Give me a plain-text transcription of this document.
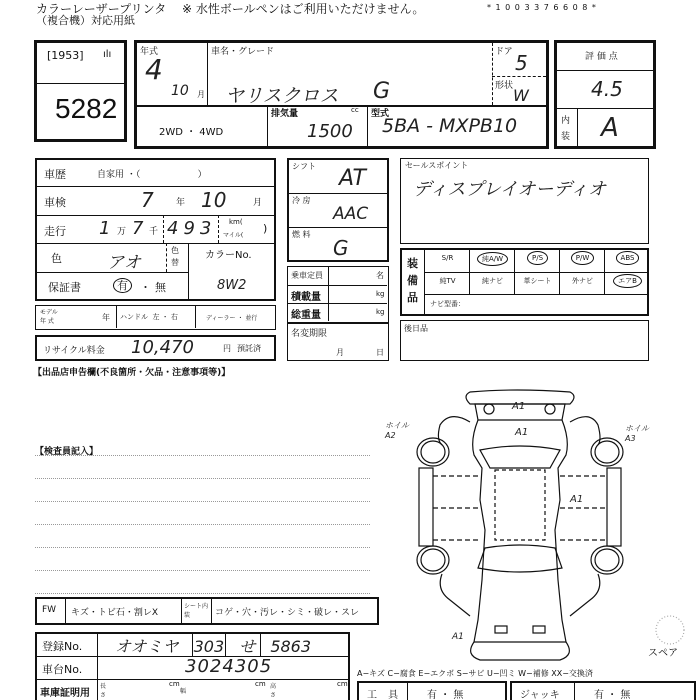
カラーレーザープリンタ
（複合機）対応用紙
※ 水性ボールペンはご利用いただけません。	* 1 0 0 3 3 7 6 6 0 8 *
[1953] ılı
5282
年式
4
10 月
車名・グレード
ヤリスクロス G
ドア 5
形状 W
2WD ・ 4WD
排気量	cc
1500
型式
5BA - MXPB10
評 価 点
4.5
内
装 A
車歴	自家用 ・（                    ）
車検	7 年 10	月
走行 1 万 7 千 493 km(
マイル(
)
色	アオ
色
替
カラーNo.
8W2
保証書	有	・ 無
モデル
年 式	年 ハンドル  左 ・ 右	ディーラー ・ 並行
リサイクル料金 10,470	円 預託済
シフト AT
冷 房
AAC
燃 料
G
乗車定員	名
積載量	kg
総重量	kg
名変期限
月	日
セールスポイント
ディスプレイオーディオ
装備品
S/R	純A/W	P/S	P/W	ABS
純TV	純ナビ	革シート	外ナビ	エアB
ナビ型番：
後日品
【出品店申告欄(不良箇所・欠品・注意事項等)】
【検査員記入】
A1
A1
A1
ホイル A2
ホイル A3
A1
スペア
FW キズ・トビ石・割レX
シート内装	コゲ・穴・汚レ・シミ・破レ・スレ
登録No. オオミヤ 303 せ 5863
車台No.	3024305
車庫証明用
長さ
cm
幅
cm 高さ
cm
A−キズ C−腐食 E−エクボ S−サビ U−凹ミ W−補修 XX−交換済
工 具	有 ・ 無	ジャッキ	有 ・ 無
